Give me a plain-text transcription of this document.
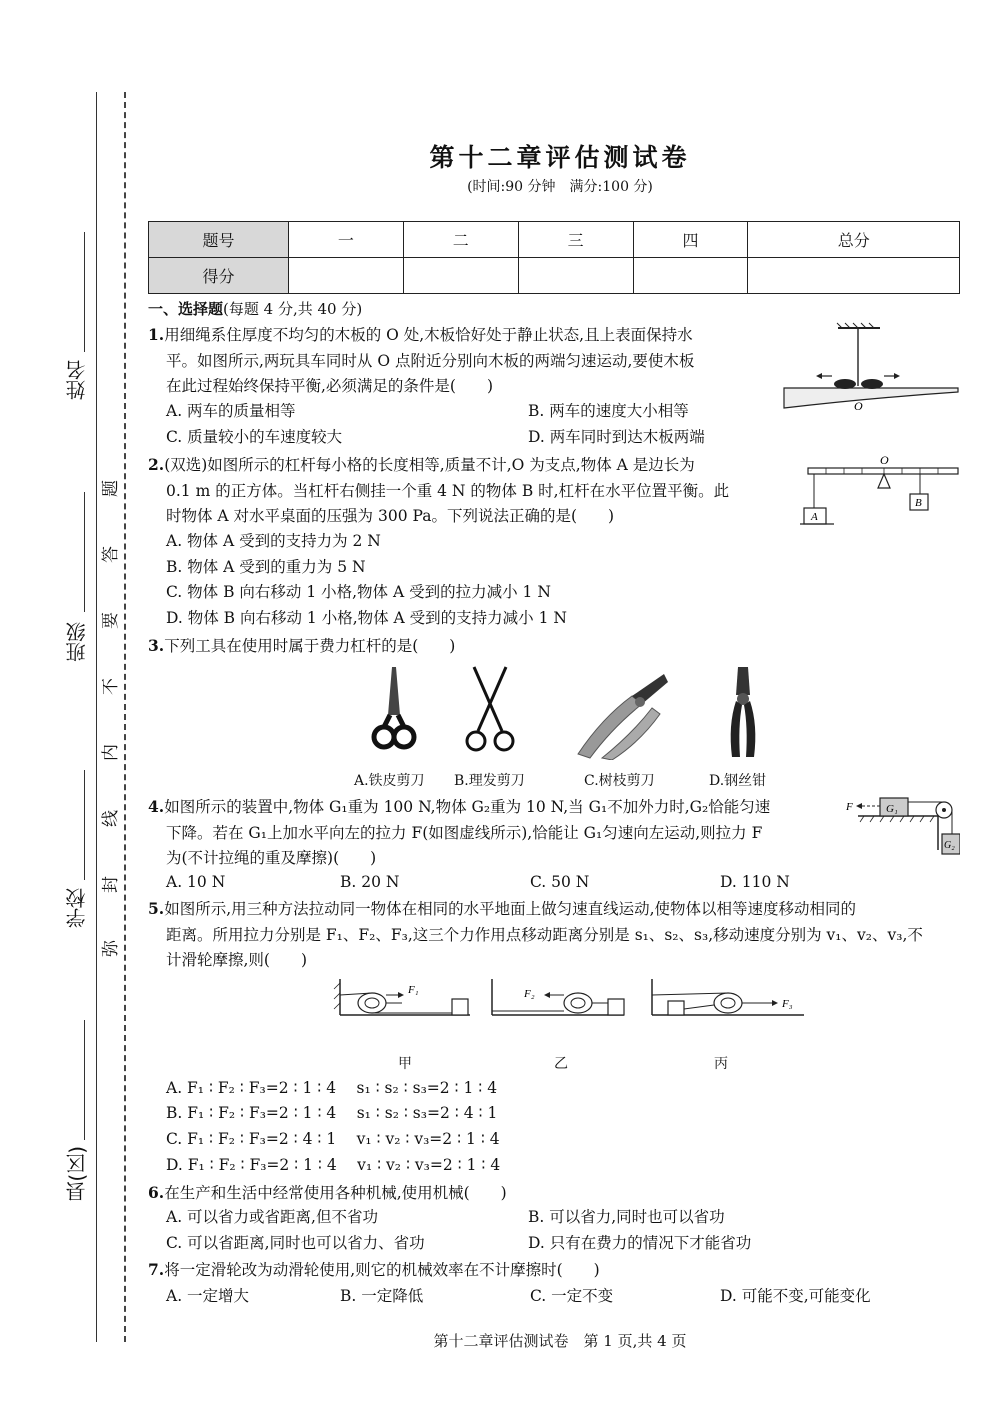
姓名
班级
学校
县(区)
题
答
要
不
内
线
封
弥
第十二章评估测试卷
(时间:90 分钟　满分:100 分)
题号	一	二	三	四	总分
得分					
一、选择题(每题 4 分,共 40 分)
1.用细绳系住厚度不均匀的木板的 O 处,木板恰好处于静止状态,且上表面保持水
平。如图所示,两玩具车同时从 O 点附近分别向木板的两端匀速运动,要使木板
在此过程始终保持平衡,必须满足的条件是(　　)
A. 两车的质量相等	B. 两车的速度大小相等
C. 质量较小的车速度较大	D. 两车同时到达木板两端
O
2.(双选)如图所示的杠杆每小格的长度相等,质量不计,O 为支点,物体 A 是边长为
0.1 m 的正方体。当杠杆右侧挂一个重 4 N 的物体 B 时,杠杆在水平位置平衡。此
时物体 A 对水平桌面的压强为 300 Pa。下列说法正确的是(　　)
A. 物体 A 受到的支持力为 2 N
B. 物体 A 受到的重力为 5 N
C. 物体 B 向右移动 1 小格,物体 A 受到的拉力减小 1 N
D. 物体 B 向右移动 1 小格,物体 A 受到的支持力减小 1 N
O
A
B
3.下列工具在使用时属于费力杠杆的是(　　)
A.铁皮剪刀 B.理发剪刀	C.树枝剪刀	D.钢丝钳
4.如图所示的装置中,物体 G₁重为 100 N,物体 G₂重为 10 N,当 G₁不加外力时,G₂恰能匀速
下降。若在 G₁上加水平向左的拉力 F(如图虚线所示),恰能让 G₁匀速向左运动,则拉力 F
为(不计拉绳的重及摩擦)(　　)
A. 10 N	B. 20 N	C. 50 N	D. 110 N
G₁
F
G₂
5.如图所示,用三种方法拉动同一物体在相同的水平地面上做匀速直线运动,使物体以相等速度移动相同的
距离。所用拉力分别是 F₁、F₂、F₃,这三个力作用点移动距离分别是 s₁、s₂、s₃,移动速度分别为 v₁、v₂、v₃,不
计滑轮摩擦,则(　　)
F₁	F₂
F₃
甲	乙	丙
A. F₁ ∶ F₂ ∶ F₃=2 ∶ 1 ∶ 4　 s₁ ∶ s₂ ∶ s₃=2 ∶ 1 ∶ 4
B. F₁ ∶ F₂ ∶ F₃=2 ∶ 1 ∶ 4　 s₁ ∶ s₂ ∶ s₃=2 ∶ 4 ∶ 1
C. F₁ ∶ F₂ ∶ F₃=2 ∶ 4 ∶ 1　 v₁ ∶ v₂ ∶ v₃=2 ∶ 1 ∶ 4
D. F₁ ∶ F₂ ∶ F₃=2 ∶ 1 ∶ 4　 v₁ ∶ v₂ ∶ v₃=2 ∶ 1 ∶ 4
6.在生产和生活中经常使用各种机械,使用机械(　　)
A. 可以省力或省距离,但不省功	B. 可以省力,同时也可以省功
C. 可以省距离,同时也可以省力、省功	D. 只有在费力的情况下才能省功
7.将一定滑轮改为动滑轮使用,则它的机械效率在不计摩擦时(　　)
A. 一定增大	B. 一定降低	C. 一定不变	D. 可能不变,可能变化
第十二章评估测试卷　第 1 页,共 4 页
